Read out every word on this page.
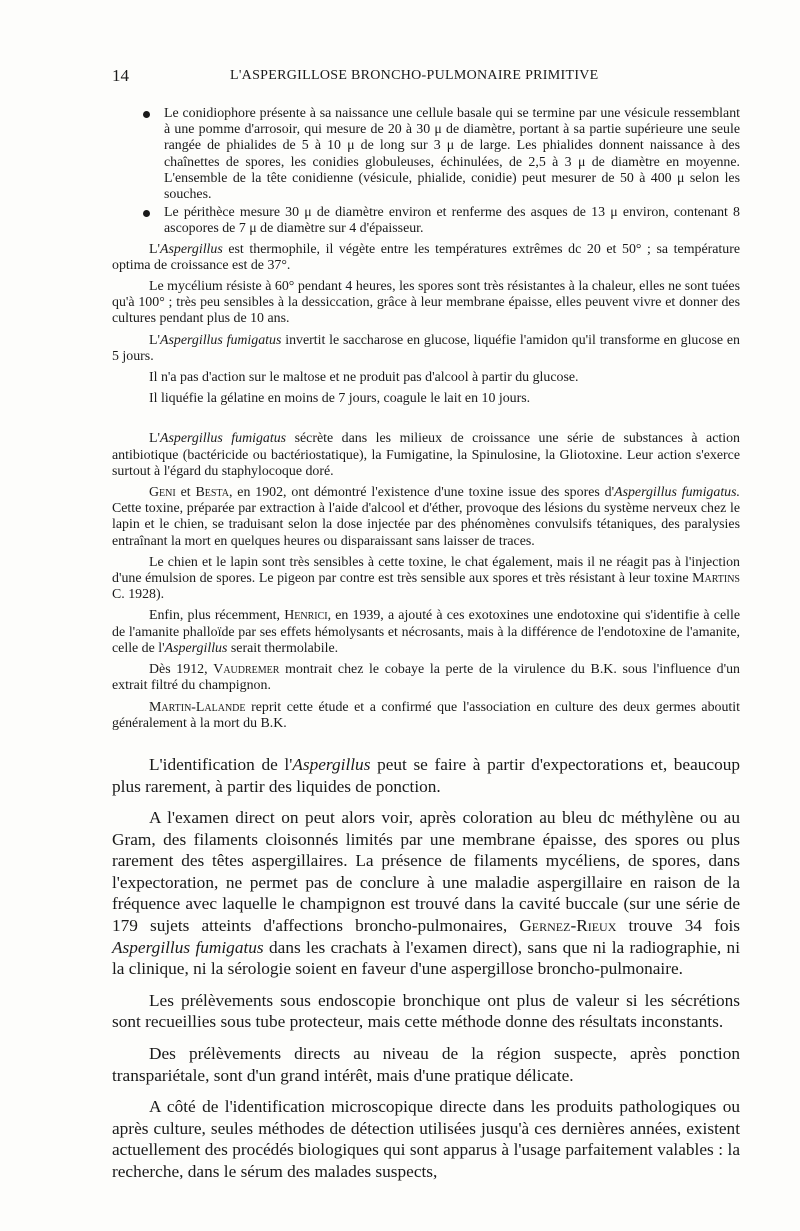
14	L'ASPERGILLOSE BRONCHO-PULMONAIRE PRIMITIVE
Le conidiophore présente à sa naissance une cellule basale qui se termine par une vésicule ressemblant à une pomme d'arrosoir, qui mesure de 20 à 30 μ de diamètre, portant à sa partie supérieure une seule rangée de phialides de 5 à 10 μ de long sur 3 μ de large. Les phialides donnent naissance à des chaînettes de spores, les conidies globuleuses, échinulées, de 2,5 à 3 μ de diamètre en moyenne. L'ensemble de la tête conidienne (vésicule, phialide, conidie) peut mesurer de 50 à 400 μ selon les souches.
Le périthèce mesure 30 μ de diamètre environ et renferme des asques de 13 μ environ, contenant 8 ascopores de 7 μ de diamètre sur 4 d'épaisseur.

L'Aspergillus est thermophile, il végète entre les températures extrêmes dc 20 et 50° ; sa température optima de croissance est de 37°.

Le mycélium résiste à 60° pendant 4 heures, les spores sont très résistantes à la chaleur, elles ne sont tuées qu'à 100° ; très peu sensibles à la dessiccation, grâce à leur membrane épaisse, elles peuvent vivre et donner des cultures pendant plus de 10 ans.

L'Aspergillus fumigatus invertit le saccharose en glucose, liquéfie l'amidon qu'il transforme en glucose en 5 jours.

Il n'a pas d'action sur le maltose et ne produit pas d'alcool à partir du glucose.

Il liquéfie la gélatine en moins de 7 jours, coagule le lait en 10 jours.

L'Aspergillus fumigatus sécrète dans les milieux de croissance une série de substances à action antibiotique (bactéricide ou bactériostatique), la Fumigatine, la Spinulosine, la Gliotoxine. Leur action s'exerce surtout à l'égard du staphylocoque doré.

Geni et Besta, en 1902, ont démontré l'existence d'une toxine issue des spores d'Aspergillus fumigatus. Cette toxine, préparée par extraction à l'aide d'alcool et d'éther, provoque des lésions du système nerveux chez le lapin et le chien, se traduisant selon la dose injectée par des phénomènes convulsifs tétaniques, des paralysies entraînant la mort en quelques heures ou disparaissant sans laisser de traces.

Le chien et le lapin sont très sensibles à cette toxine, le chat également, mais il ne réagit pas à l'injection d'une émulsion de spores. Le pigeon par contre est très sensible aux spores et très résistant à leur toxine Martins C. 1928).

Enfin, plus récemment, Henrici, en 1939, a ajouté à ces exotoxines une endotoxine qui s'identifie à celle de l'amanite phalloïde par ses effets hémolysants et nécrosants, mais à la différence de l'endotoxine de l'amanite, celle de l'Aspergillus serait thermolabile.

Dès 1912, Vaudremer montrait chez le cobaye la perte de la virulence du B.K. sous l'influence d'un extrait filtré du champignon.

Martin-Lalande reprit cette étude et a confirmé que l'association en culture des deux germes aboutit généralement à la mort du B.K.

L'identification de l'Aspergillus peut se faire à partir d'expectorations et, beaucoup plus rarement, à partir des liquides de ponction.

A l'examen direct on peut alors voir, après coloration au bleu dc méthylène ou au Gram, des filaments cloisonnés limités par une membrane épaisse, des spores ou plus rarement des têtes aspergillaires. La présence de filaments mycéliens, de spores, dans l'expectoration, ne permet pas de conclure à une maladie aspergillaire en raison de la fréquence avec laquelle le champignon est trouvé dans la cavité buccale (sur une série de 179 sujets atteints d'affections broncho-pulmonaires, Gernez-Rieux trouve 34 fois Aspergillus fumigatus dans les crachats à l'examen direct), sans que ni la radiographie, ni la clinique, ni la sérologie soient en faveur d'une aspergillose broncho-pulmonaire.

Les prélèvements sous endoscopie bronchique ont plus de valeur si les sécrétions sont recueillies sous tube protecteur, mais cette méthode donne des résultats inconstants.

Des prélèvements directs au niveau de la région suspecte, après ponction transpariétale, sont d'un grand intérêt, mais d'une pratique délicate.

A côté de l'identification microscopique directe dans les produits pathologiques ou après culture, seules méthodes de détection utilisées jusqu'à ces dernières années, existent actuellement des procédés biologiques qui sont apparus à l'usage parfaitement valables : la recherche, dans le sérum des malades suspects,
